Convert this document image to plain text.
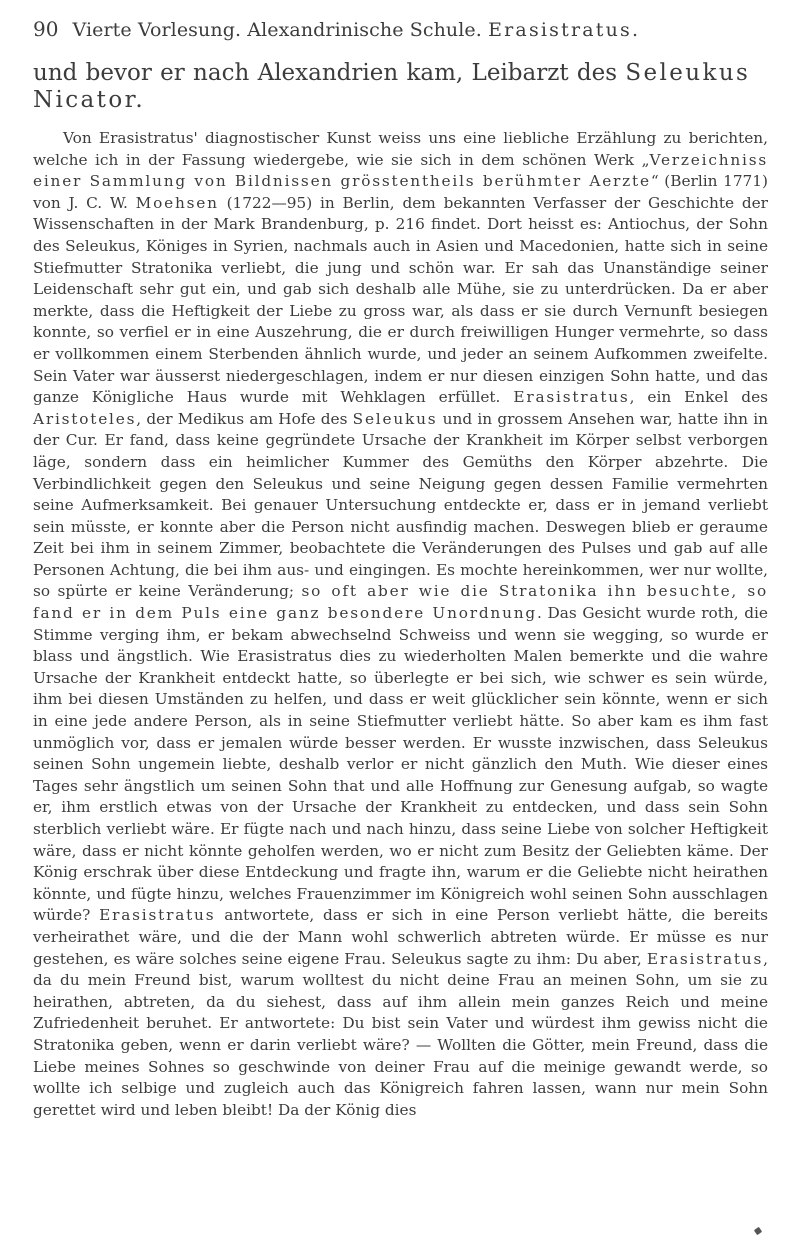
90 Vierte Vorlesung. Alexandrinische Schule. Erasistratus.
und bevor er nach Alexandrien kam, Leibarzt des Seleukus Nicator.

Von Erasistratus' diagnostischer Kunst weiss uns eine liebliche Erzählung zu berichten, welche ich in der Fassung wiedergebe, wie sie sich in dem schönen Werk „Verzeichniss einer Sammlung von Bildnissen grösstentheils berühmter Aerzte“ (Berlin 1771) von J. C. W. Moehsen (1722—95) in Berlin, dem bekannten Verfasser der Geschichte der Wissenschaften in der Mark Brandenburg, p. 216 findet. Dort heisst es: Antiochus, der Sohn des Seleukus, Königes in Syrien, nachmals auch in Asien und Macedonien, hatte sich in seine Stiefmutter Stratonika verliebt, die jung und schön war. Er sah das Unanständige seiner Leidenschaft sehr gut ein, und gab sich deshalb alle Mühe, sie zu unterdrücken. Da er aber merkte, dass die Heftigkeit der Liebe zu gross war, als dass er sie durch Vernunft besiegen konnte, so verfiel er in eine Auszehrung, die er durch freiwilligen Hunger vermehrte, so dass er vollkommen einem Sterbenden ähnlich wurde, und jeder an seinem Aufkommen zweifelte. Sein Vater war äusserst niedergeschlagen, indem er nur diesen einzigen Sohn hatte, und das ganze Königliche Haus wurde mit Wehklagen erfüllet. Erasistratus, ein Enkel des Aristoteles, der Medikus am Hofe des Seleukus und in grossem Ansehen war, hatte ihn in der Cur. Er fand, dass keine gegründete Ursache der Krankheit im Körper selbst verborgen läge, sondern dass ein heimlicher Kummer des Gemüths den Körper abzehrte. Die Verbindlichkeit gegen den Seleukus und seine Neigung gegen dessen Familie vermehrten seine Aufmerksamkeit. Bei genauer Untersuchung entdeckte er, dass er in jemand verliebt sein müsste, er konnte aber die Person nicht ausfindig machen. Deswegen blieb er geraume Zeit bei ihm in seinem Zimmer, beobachtete die Veränderungen des Pulses und gab auf alle Personen Achtung, die bei ihm aus- und eingingen. Es mochte hereinkommen, wer nur wollte, so spürte er keine Veränderung; so oft aber wie die Stratonika ihn besuchte, so fand er in dem Puls eine ganz besondere Unordnung. Das Gesicht wurde roth, die Stimme verging ihm, er bekam abwechselnd Schweiss und wenn sie wegging, so wurde er blass und ängstlich. Wie Erasistratus dies zu wiederholten Malen bemerkte und die wahre Ursache der Krankheit entdeckt hatte, so überlegte er bei sich, wie schwer es sein würde, ihm bei diesen Umständen zu helfen, und dass er weit glücklicher sein könnte, wenn er sich in eine jede andere Person, als in seine Stiefmutter verliebt hätte. So aber kam es ihm fast unmöglich vor, dass er jemalen würde besser werden. Er wusste inzwischen, dass Seleukus seinen Sohn ungemein liebte, deshalb verlor er nicht gänzlich den Muth. Wie dieser eines Tages sehr ängstlich um seinen Sohn that und alle Hoffnung zur Genesung aufgab, so wagte er, ihm erstlich etwas von der Ursache der Krankheit zu entdecken, und dass sein Sohn sterblich verliebt wäre. Er fügte nach und nach hinzu, dass seine Liebe von solcher Heftigkeit wäre, dass er nicht könnte geholfen werden, wo er nicht zum Besitz der Geliebten käme. Der König erschrak über diese Entdeckung und fragte ihn, warum er die Geliebte nicht heirathen könnte, und fügte hinzu, welches Frauenzimmer im Königreich wohl seinen Sohn ausschlagen würde? Erasistratus antwortete, dass er sich in eine Person verliebt hätte, die bereits verheirathet wäre, und die der Mann wohl schwerlich abtreten würde. Er müsse es nur gestehen, es wäre solches seine eigene Frau. Seleukus sagte zu ihm: Du aber, Erasistratus, da du mein Freund bist, warum wolltest du nicht deine Frau an meinen Sohn, um sie zu heirathen, abtreten, da du siehest, dass auf ihm allein mein ganzes Reich und meine Zufriedenheit beruhet. Er antwortete: Du bist sein Vater und würdest ihm gewiss nicht die Stratonika geben, wenn er darin verliebt wäre? — Wollten die Götter, mein Freund, dass die Liebe meines Sohnes so geschwinde von deiner Frau auf die meinige gewandt werde, so wollte ich selbige und zugleich auch das Königreich fahren lassen, wann nur mein Sohn gerettet wird und leben bleibt! Da der König dies
